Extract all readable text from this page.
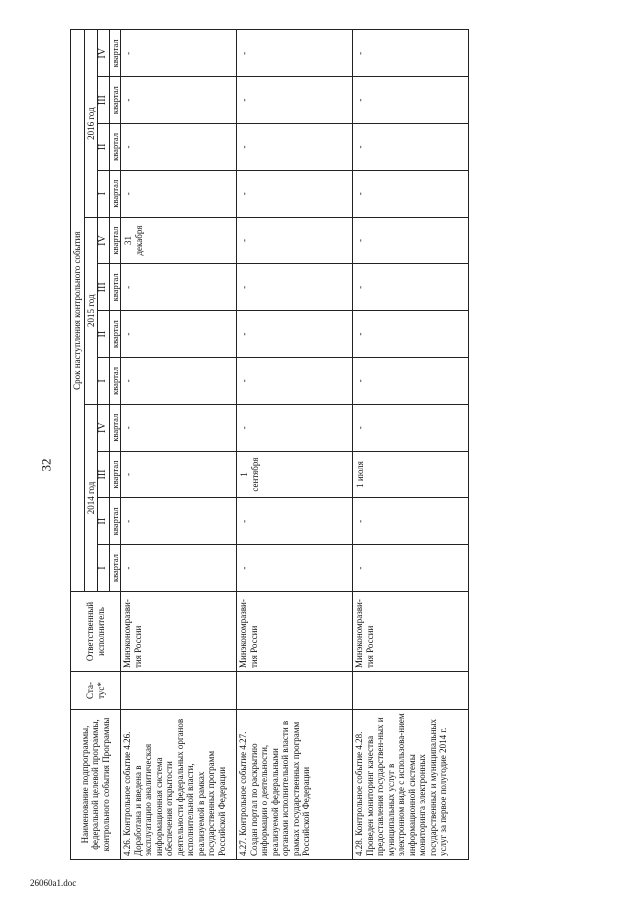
32
Наименование подпрограммы, федеральной целевой программы, контрольного события Программы	Ста-тус*	Ответственный исполнитель	Срок наступления контрольного события											
			2014 год				2015 год				2016 год			
			I	II	III	IV	I	II	III	IV	I	II	III	IV
			квартал	квартал	квартал	квартал	квартал	квартал	квартал	квартал	квартал	квартал	квартал	квартал

4.26. Контрольное событие 4.26. Доработана и введена в эксплуатацию аналитическая информационная система обеспечения открытости деятельности федеральных органов исполнительной власти, реализуемой в рамках государственных программ Российской Федерации		Минэкономразви-тия России	-	-	-	-	-	-	-	31 декабря	-	-	-	-

4.27. Контрольное событие 4.27. Создан портал по раскрытию информации о деятельности, реализуемой федеральными органами исполнительной власти в рамках государственных программ Российской Федерации		Минэкономразви-тия России	-	-	1 сентября	-	-	-	-	-	-	-	-	-

4.28. Контрольное событие 4.28. Проведен мониторинг качества предоставления государствен-ных и муниципальных услуг в электронном виде с использова-нием информационной системы мониторинга электронных государственных и муниципальных услуг за первое полугодие 2014 г.		Минэкономразви-тия России	-	-	1 июля	-	-	-	-	-	-	-	-	-
26060a1.doc
